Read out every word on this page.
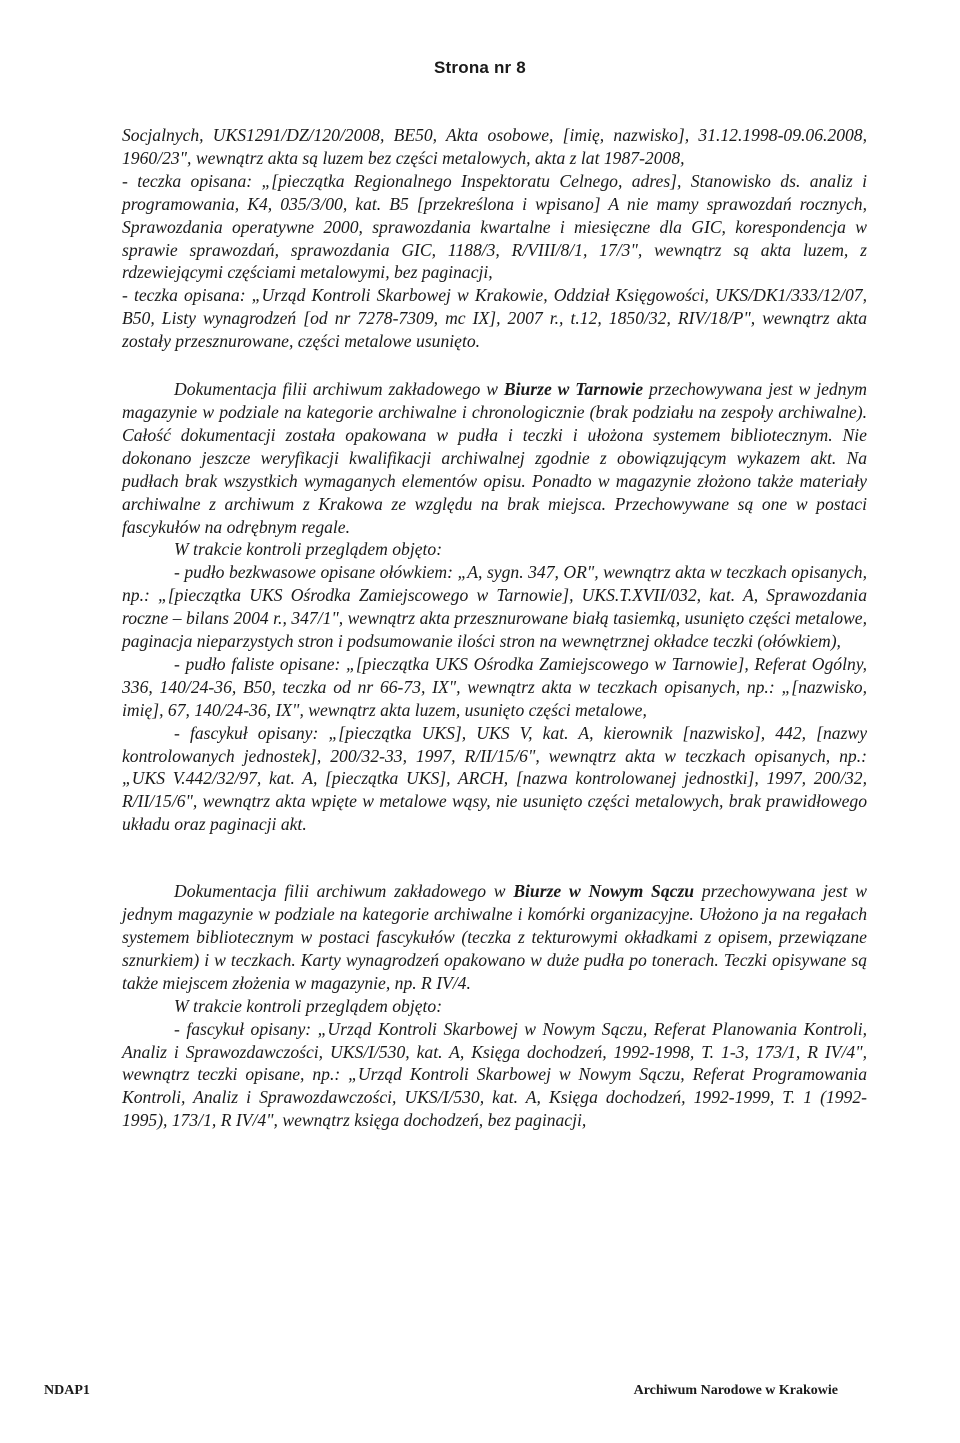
Strona nr 8

Socjalnych, UKS1291/DZ/120/2008, BE50, Akta osobowe, [imię, nazwisko], 31.12.1998-09.06.2008, 1960/23", wewnątrz akta są luzem bez części metalowych, akta z lat 1987-2008,

- teczka opisana: „[pieczątka Regionalnego Inspektoratu Celnego, adres], Stanowisko ds. analiz i programowania, K4, 035/3/00, kat. B5 [przekreślona i wpisano] A nie mamy sprawozdań rocznych, Sprawozdania operatywne 2000, sprawozdania kwartalne i miesięczne dla GIC, korespondencja w sprawie sprawozdań, sprawozdania GIC, 1188/3, R/VIII/8/1, 17/3", wewnątrz są akta luzem, z rdzewiejącymi częściami metalowymi, bez paginacji,

- teczka opisana: „Urząd Kontroli Skarbowej w Krakowie, Oddział Księgowości, UKS/DK1/333/12/07, B50, Listy wynagrodzeń [od nr 7278-7309, mc IX], 2007 r., t.12, 1850/32, RIV/18/P", wewnątrz akta zostały przesznurowane, części metalowe usunięto.

Dokumentacja filii archiwum zakładowego w Biurze w Tarnowie przechowywana jest w jednym magazynie w podziale na kategorie archiwalne i chronologicznie (brak podziału na zespoły archiwalne). Całość dokumentacji została opakowana w pudła i teczki i ułożona systemem bibliotecznym. Nie dokonano jeszcze weryfikacji kwalifikacji archiwalnej zgodnie z obowiązującym wykazem akt. Na pudłach brak wszystkich wymaganych elementów opisu. Ponadto w magazynie złożono także materiały archiwalne z archiwum z Krakowa ze względu na brak miejsca. Przechowywane są one w postaci fascykułów na odrębnym regale.

W trakcie kontroli przeglądem objęto:

- pudło bezkwasowe opisane ołówkiem: „A, sygn. 347, OR", wewnątrz akta w teczkach opisanych, np.: „[pieczątka UKS Ośrodka Zamiejscowego w Tarnowie], UKS.T.XVII/032, kat. A, Sprawozdania roczne – bilans 2004 r., 347/1", wewnątrz akta przesznurowane białą tasiemką, usunięto części metalowe, paginacja nieparzystych stron i podsumowanie ilości stron na wewnętrznej okładce teczki (ołówkiem),

- pudło faliste opisane: „[pieczątka UKS Ośrodka Zamiejscowego w Tarnowie], Referat Ogólny, 336, 140/24-36, B50, teczka od nr 66-73, IX", wewnątrz akta w teczkach opisanych, np.: „[nazwisko, imię], 67, 140/24-36, IX", wewnątrz akta luzem, usunięto części metalowe,

- fascykuł opisany: „[pieczątka UKS], UKS V, kat. A, kierownik [nazwisko], 442, [nazwy kontrolowanych jednostek], 200/32-33, 1997, R/II/15/6", wewnątrz akta w teczkach opisanych, np.: „UKS V.442/32/97, kat. A, [pieczątka UKS], ARCH, [nazwa kontrolowanej jednostki], 1997, 200/32, R/II/15/6", wewnątrz akta wpięte w metalowe wąsy, nie usunięto części metalowych, brak prawidłowego układu oraz paginacji akt.

Dokumentacja filii archiwum zakładowego w Biurze w Nowym Sączu przechowywana jest w jednym magazynie w podziale na kategorie archiwalne i komórki organizacyjne. Ułożono ja na regałach systemem bibliotecznym w postaci fascykułów (teczka z tekturowymi okładkami z opisem, przewiązane sznurkiem) i w teczkach. Karty wynagrodzeń opakowano w duże pudła po tonerach. Teczki opisywane są także miejscem złożenia w magazynie, np. R IV/4.

W trakcie kontroli przeglądem objęto:

- fascykuł opisany: „Urząd Kontroli Skarbowej w Nowym Sączu, Referat Planowania Kontroli, Analiz i Sprawozdawczości, UKS/I/530, kat. A, Księga dochodzeń, 1992-1998, T. 1-3, 173/1, R IV/4", wewnątrz teczki opisane, np.: „Urząd Kontroli Skarbowej w Nowym Sączu, Referat Programowania Kontroli, Analiz i Sprawozdawczości, UKS/I/530, kat. A, Księga dochodzeń, 1992-1999, T. 1 (1992-1995), 173/1, R IV/4", wewnątrz księga dochodzeń, bez paginacji,

NDAP1	Archiwum Narodowe w Krakowie
